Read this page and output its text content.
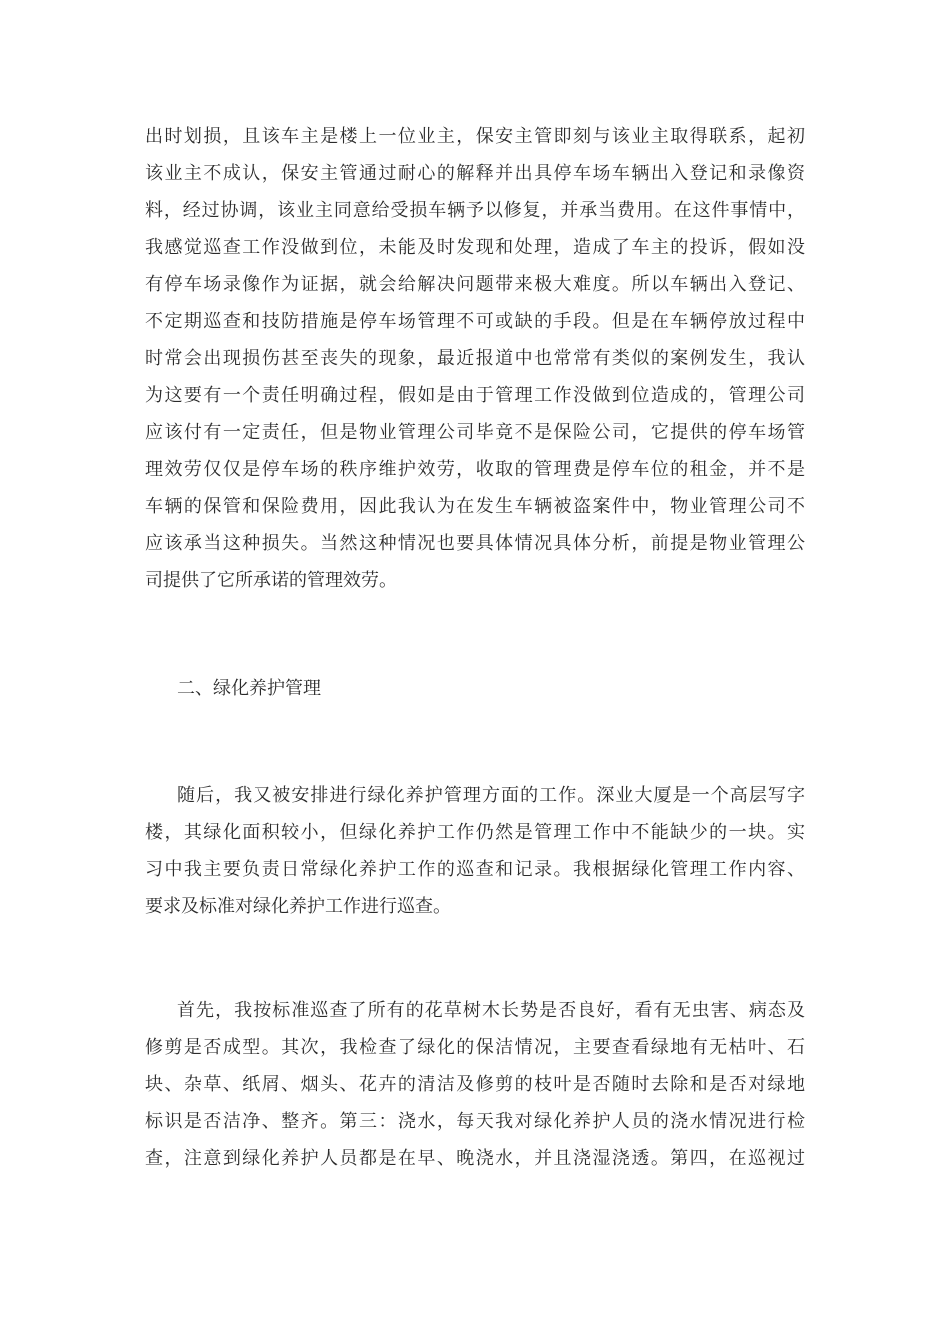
出时划损，且该车主是楼上一位业主，保安主管即刻与该业主取得联系，起初
该业主不成认，保安主管通过耐心的解释并出具停车场车辆出入登记和录像资
料，经过协调，该业主同意给受损车辆予以修复，并承当费用。在这件事情中，
我感觉巡查工作没做到位，未能及时发现和处理，造成了车主的投诉，假如没
有停车场录像作为证据，就会给解决问题带来极大难度。所以车辆出入登记、
不定期巡查和技防措施是停车场管理不可或缺的手段。但是在车辆停放过程中
时常会出现损伤甚至丧失的现象，最近报道中也常常有类似的案例发生，我认
为这要有一个责任明确过程，假如是由于管理工作没做到位造成的，管理公司
应该付有一定责任，但是物业管理公司毕竟不是保险公司，它提供的停车场管
理效劳仅仅是停车场的秩序维护效劳，收取的管理费是停车位的租金，并不是
车辆的保管和保险费用，因此我认为在发生车辆被盗案件中，物业管理公司不
应该承当这种损失。当然这种情况也要具体情况具体分析，前提是物业管理公
司提供了它所承诺的管理效劳。
二、绿化养护管理
随后，我又被安排进行绿化养护管理方面的工作。深业大厦是一个高层写字
楼，其绿化面积较小，但绿化养护工作仍然是管理工作中不能缺少的一块。实
习中我主要负责日常绿化养护工作的巡查和记录。我根据绿化管理工作内容、
要求及标准对绿化养护工作进行巡查。
首先，我按标准巡查了所有的花草树木长势是否良好，看有无虫害、病态及
修剪是否成型。其次，我检查了绿化的保洁情况，主要查看绿地有无枯叶、石
块、杂草、纸屑、烟头、花卉的清洁及修剪的枝叶是否随时去除和是否对绿地
标识是否洁净、整齐。第三：浇水，每天我对绿化养护人员的浇水情况进行检
查，注意到绿化养护人员都是在早、晚浇水，并且浇湿浇透。第四，在巡视过
